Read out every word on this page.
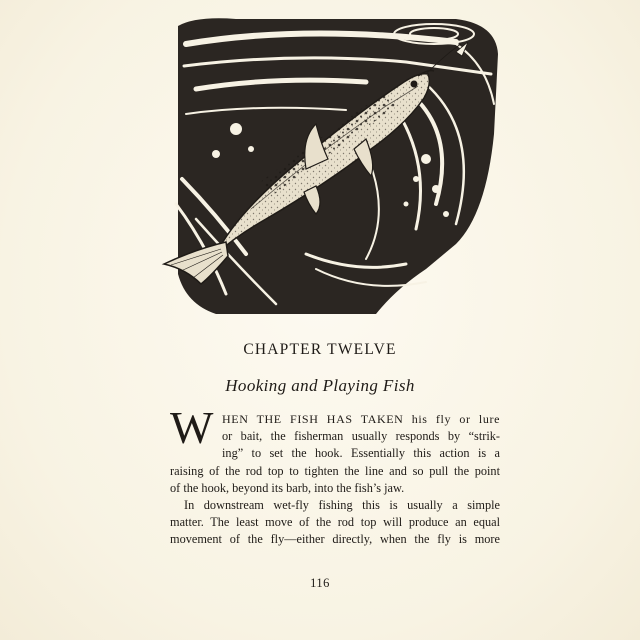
CHAPTER TWELVE
Hooking and Playing Fish
W HEN THE FISH HAS TAKEN his fly or lure
or bait, the fisherman usually responds by “strik-
ing” to set the hook. Essentially this action is a
raising of the rod top to tighten the line and so pull the point
of the hook, beyond its barb, into the fish’s jaw.
In downstream wet-fly fishing this is usually a simple
matter. The least move of the rod top will produce an equal
movement of the fly—either directly, when the fly is more
116
